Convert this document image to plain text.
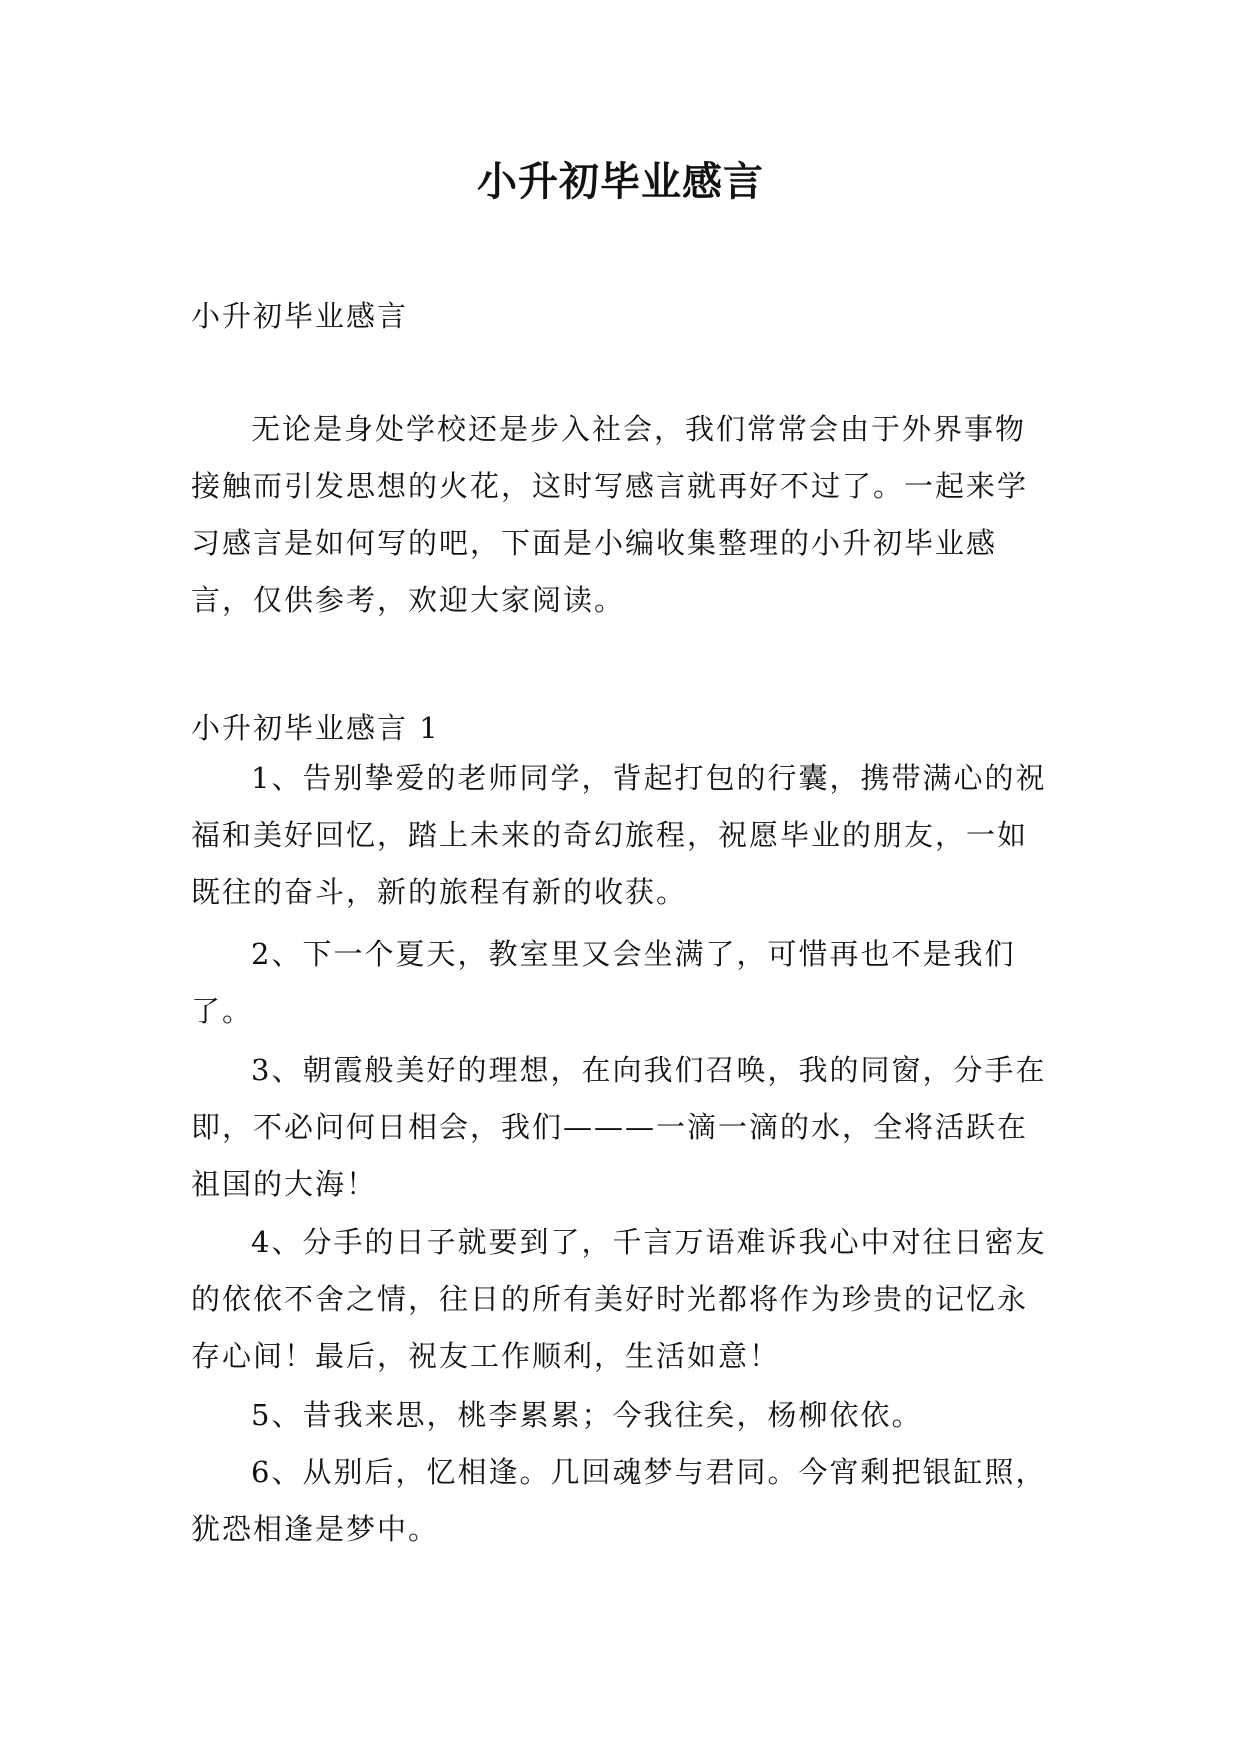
小升初毕业感言

小升初毕业感言

无论是身处学校还是步入社会，我们常常会由于外界事物接触而引发思想的火花，这时写感言就再好不过了。一起来学习感言是如何写的吧，下面是小编收集整理的小升初毕业感言，仅供参考，欢迎大家阅读。

小升初毕业感言 1

1、告别挚爱的老师同学，背起打包的行囊，携带满心的祝福和美好回忆，踏上未来的奇幻旅程，祝愿毕业的朋友，一如既往的奋斗，新的旅程有新的收获。

2、下一个夏天，教室里又会坐满了，可惜再也不是我们了。

3、朝霞般美好的理想，在向我们召唤，我的同窗，分手在即，不必问何日相会，我们———一滴一滴的水，全将活跃在祖国的大海！

4、分手的日子就要到了，千言万语难诉我心中对往日密友的依依不舍之情，往日的所有美好时光都将作为珍贵的记忆永存心间！最后，祝友工作顺利，生活如意！

5、昔我来思，桃李累累；今我往矣，杨柳依依。

6、从别后，忆相逢。几回魂梦与君同。今宵剩把银缸照，犹恐相逢是梦中。
